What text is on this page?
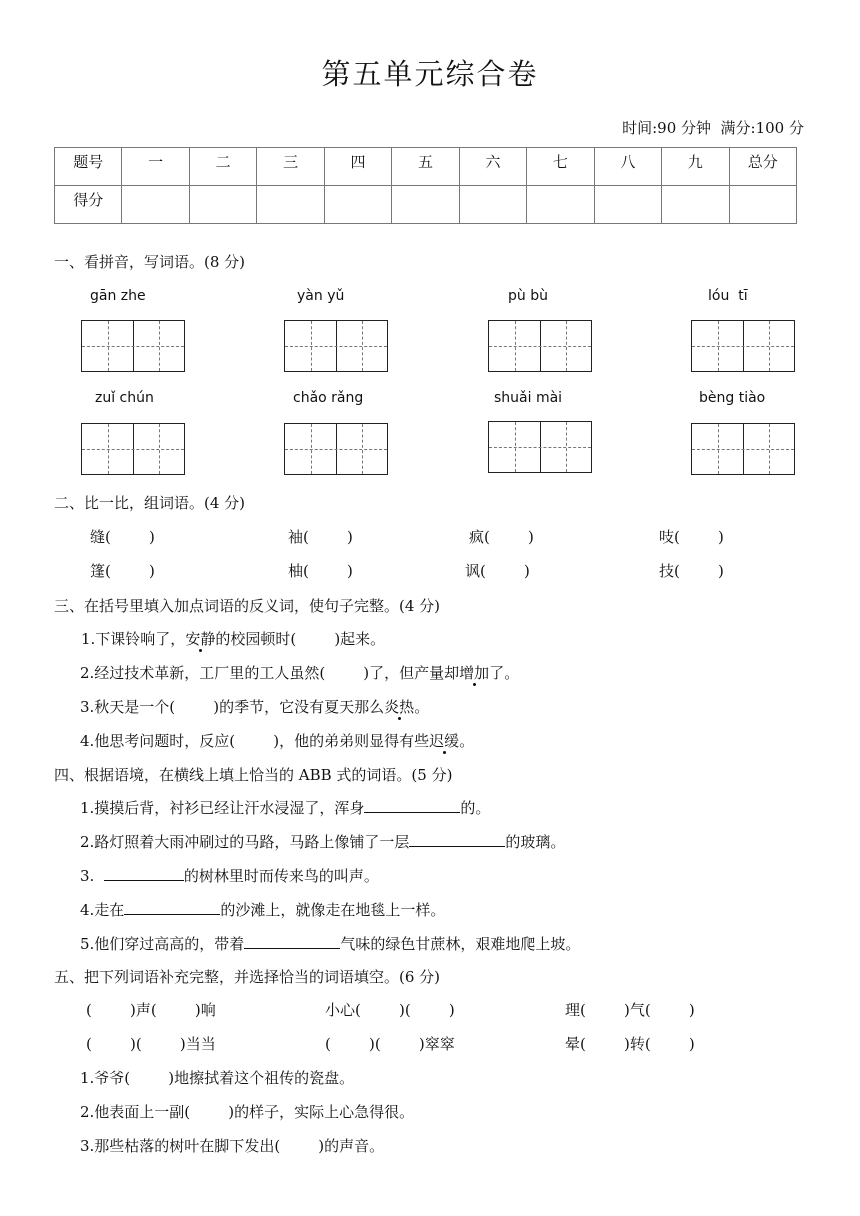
第五单元综合卷
时间:90 分钟  满分:100 分
题号	一	二	三	四	五	六	七	八	九	总分
得分										
一、看拼音，写词语。(8 分)
gān zhe	yàn yǔ	pù bù	lóu  tī
zuǐ chún	chǎo rǎng	shuǎi mài	bèng tiào
二、比一比，组词语。(4 分)
缝(        )	袖(        )	疯(        )	吱(        )
篷(        )	柚(        )	讽(        )	技(        )
三、在括号里填入加点词语的反义词，使句子完整。(4 分)
1.下课铃响了，安静的校园顿时(        )起来。
2.经过技术革新，工厂里的工人虽然(        )了，但产量却增加了。
3.秋天是一个(        )的季节，它没有夏天那么炎热。
4.他思考问题时，反应(        )，他的弟弟则显得有些迟缓。
四、根据语境，在横线上填上恰当的 ABB 式的词语。(5 分)
1.摸摸后背，衬衫已经让汗水浸湿了，浑身	的。
2.路灯照着大雨冲刷过的马路，马路上像铺了一层	的玻璃。
3.	的树林里时而传来鸟的叫声。
4.走在	的沙滩上，就像走在地毯上一样。
5.他们穿过高高的，带着	气味的绿色甘蔗林，艰难地爬上坡。
五、把下列词语补充完整，并选择恰当的词语填空。(6 分)
(        )声(        )响	小心(        )(        )	理(        )气(        )
(        )(        )当当	(        )(        )窣窣	晕(        )转(        )
1.爷爷(        )地擦拭着这个祖传的瓷盘。
2.他表面上一副(        )的样子，实际上心急得很。
3.那些枯落的树叶在脚下发出(        )的声音。
